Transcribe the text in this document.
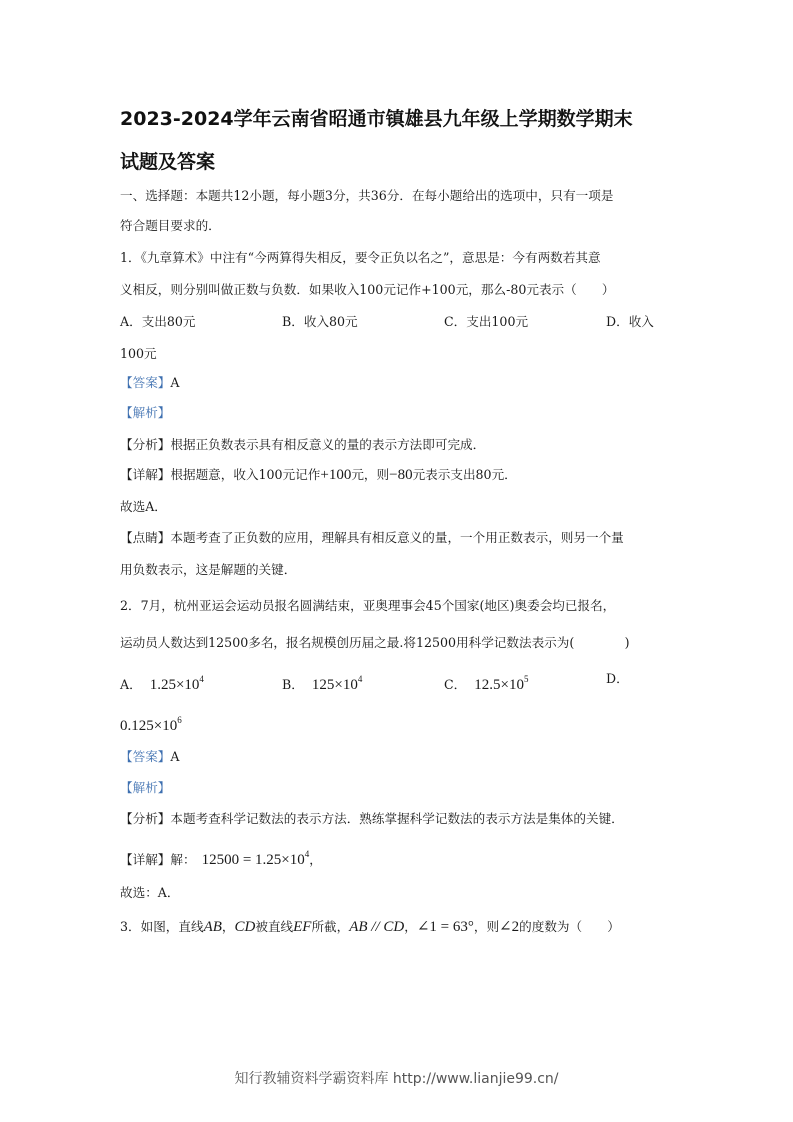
2023-2024学年云南省昭通市镇雄县九年级上学期数学期末
试题及答案
一、选择题：本题共12小题，每小题3分，共36分．在每小题给出的选项中，只有一项是
符合题目要求的．
1．《九章算术》中注有“今两算得失相反，要令正负以名之”，意思是：今有两数若其意
义相反，则分别叫做正数与负数．如果收入100元记作+100元，那么-80元表示（　　）
A．支出80元	B．收入80元	C．支出100元	D．收入
100元
【答案】A
【解析】
【分析】根据正负数表示具有相反意义的量的表示方法即可完成．
【详解】根据题意，收入100元记作+100元，则−80元表示支出80元．
故选A．
【点睛】本题考查了正负数的应用，理解具有相反意义的量，一个用正数表示，则另一个量
用负数表示，这是解题的关键．
2．7月，杭州亚运会运动员报名圆满结束，亚奥理事会45个国家(地区)奥委会均已报名，
运动员人数达到12500多名，报名规模创历届之最.将12500用科学记数法表示为(　　　　)
A． $1.25\times 10^4$	B． $125\times 10^4$	C． $12.5\times 10^5$	D．
$0.125\times 10^6$
【答案】A
【解析】
【分析】本题考查科学记数法的表示方法．熟练掌握科学记数法的表示方法是集体的关键．
【详解】解： $12500 = 1.25\times 10^4$，
故选：A．
3．如图，直线AB，CD被直线EF所截，AB // CD，∠1 = 63°，则∠2的度数为（　　）
知行教辅资料学霸资料库 http://www.lianjie99.cn/
